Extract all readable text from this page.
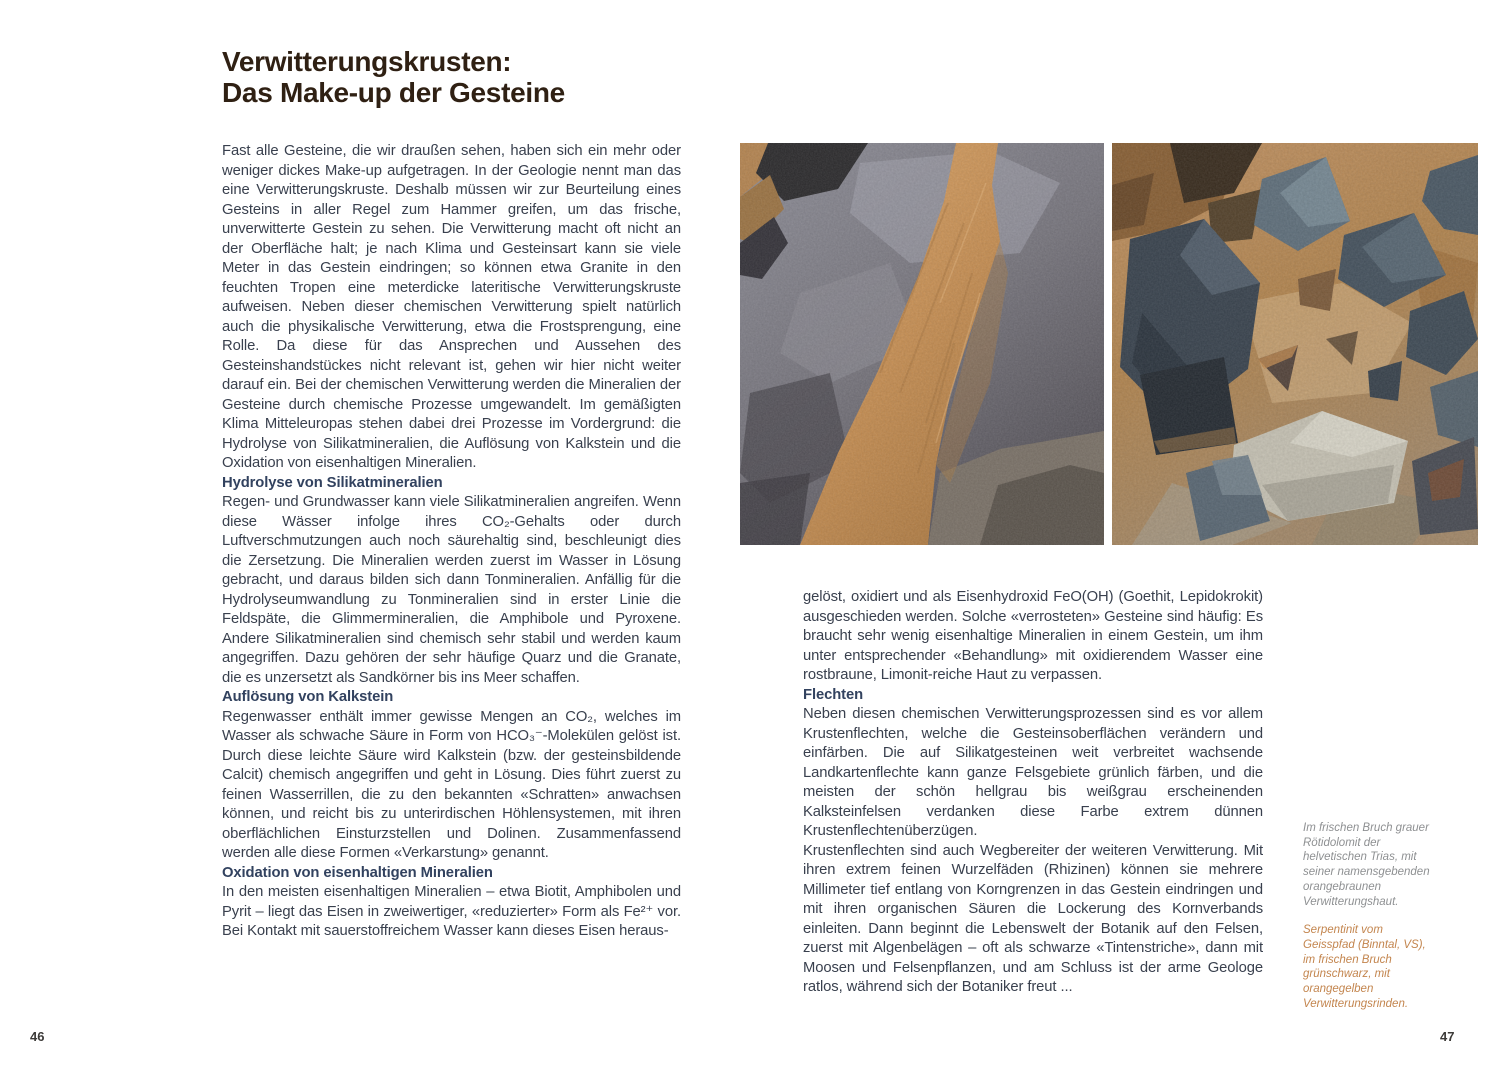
Verwitterungskrusten:
Das Make-up der Gesteine

Fast alle Gesteine, die wir draußen sehen, haben sich ein mehr oder weniger dickes Make-up aufgetragen. In der Geologie nennt man das eine Verwitterungskruste. Deshalb müssen wir zur Beurteilung eines Gesteins in aller Regel zum Hammer greifen, um das frische, unverwitterte Gestein zu sehen. Die Verwitterung macht oft nicht an der Oberfläche halt; je nach Klima und Gesteinsart kann sie viele Meter in das Gestein eindringen; so können etwa Granite in den feuchten Tropen eine meterdicke lateritische Verwitterungskruste aufweisen. Neben dieser chemischen Verwitterung spielt natürlich auch die physikalische Verwitterung, etwa die Frostsprengung, eine Rolle. Da diese für das Ansprechen und Aussehen des Gesteinshandstückes nicht relevant ist, gehen wir hier nicht weiter darauf ein. Bei der chemischen Verwitterung werden die Mineralien der Gesteine durch chemische Prozesse umgewandelt. Im gemäßigten Klima Mitteleuropas stehen dabei drei Prozesse im Vordergrund: die Hydrolyse von Silikatmineralien, die Auflösung von Kalkstein und die Oxidation von eisenhaltigen Mineralien.

Hydrolyse von Silikatmineralien

Regen- und Grundwasser kann viele Silikatmineralien angreifen. Wenn diese Wässer infolge ihres CO₂-Gehalts oder durch Luftverschmutzungen auch noch säurehaltig sind, beschleunigt dies die Zersetzung. Die Mineralien werden zuerst im Wasser in Lösung gebracht, und daraus bilden sich dann Tonmineralien. Anfällig für die Hydrolyseumwandlung zu Tonmineralien sind in erster Linie die Feldspäte, die Glimmermineralien, die Amphibole und Pyroxene. Andere Silikatmineralien sind chemisch sehr stabil und werden kaum angegriffen. Dazu gehören der sehr häufige Quarz und die Granate, die es unzersetzt als Sandkörner bis ins Meer schaffen.

Auflösung von Kalkstein

Regenwasser enthält immer gewisse Mengen an CO₂, welches im Wasser als schwache Säure in Form von HCO₃⁻-Molekülen gelöst ist. Durch diese leichte Säure wird Kalkstein (bzw. der gesteinsbildende Calcit) chemisch angegriffen und geht in Lösung. Dies führt zuerst zu feinen Wasserrillen, die zu den bekannten «Schratten» anwachsen können, und reicht bis zu unterirdischen Höhlensystemen, mit ihren oberflächlichen Einsturzstellen und Dolinen. Zusammenfassend werden alle diese Formen «Verkarstung» genannt.

Oxidation von eisenhaltigen Mineralien

In den meisten eisenhaltigen Mineralien – etwa Biotit, Amphibolen und Pyrit – liegt das Eisen in zweiwertiger, «reduzierter» Form als Fe²⁺ vor. Bei Kontakt mit sauerstoffreichem Wasser kann dieses Eisen heraus-

gelöst, oxidiert und als Eisenhydroxid FeO(OH) (Goethit, Lepidokrokit) ausgeschieden werden. Solche «verrosteten» Gesteine sind häufig: Es braucht sehr wenig eisenhaltige Mineralien in einem Gestein, um ihm unter entsprechender «Behandlung» mit oxidierendem Wasser eine rostbraune, Limonit-reiche Haut zu verpassen.

Flechten

Neben diesen chemischen Verwitterungsprozessen sind es vor allem Krustenflechten, welche die Gesteinsoberflächen verändern und einfärben. Die auf Silikatgesteinen weit verbreitet wachsende Landkartenflechte kann ganze Felsgebiete grünlich färben, und die meisten der schön hellgrau bis weißgrau erscheinenden Kalksteinfelsen verdanken diese Farbe extrem dünnen Krustenflechtenüberzügen.

Krustenflechten sind auch Wegbereiter der weiteren Verwitterung. Mit ihren extrem feinen Wurzelfäden (Rhizinen) können sie mehrere Millimeter tief entlang von Korngrenzen in das Gestein eindringen und mit ihren organischen Säuren die Lockerung des Kornverbands einleiten. Dann beginnt die Lebenswelt der Botanik auf den Felsen, zuerst mit Algenbelägen – oft als schwarze «Tintenstriche», dann mit Moosen und Felsenpflanzen, und am Schluss ist der arme Geologe ratlos, während sich der Botaniker freut ...

Im frischen Bruch grauer Rötidolomit der helvetischen Trias, mit seiner namensgebenden orangebraunen Verwitterungshaut.

Serpentinit vom Geisspfad (Binntal, VS), im frischen Bruch grünschwarz, mit orangegelben Verwitterungsrinden.

46	47
